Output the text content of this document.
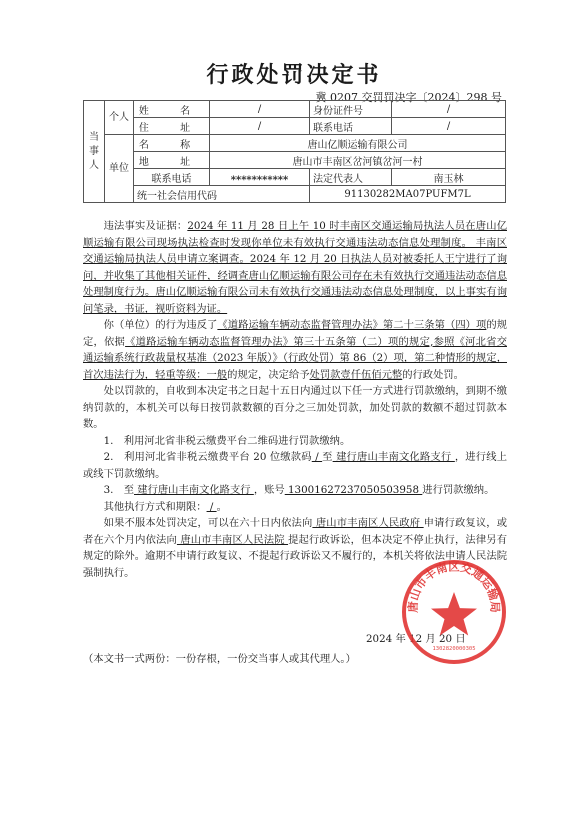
行政处罚决定书
冀 0207 交罚罚决字〔2024〕298 号
当事人	个人	姓 名	/	身份证件号	/
		住 址	/	联系电话	/
	单位	名 称	唐山亿顺运输有限公司		
		地 址	唐山市丰南区岔河镇岔河一村		
		联系电话	***********	法定代表人	南玉林
		统一社会信用代码		91130282MA07PUFM7L	

违法事实及证据：2024 年 11 月 28 日上午 10 时丰南区交通运输局执法人员在唐山亿顺运输有限公司现场执法检查时发现你单位未有效执行交通违法动态信息处理制度。 丰南区交通运输局执法人员申请立案调查。2024 年 12 月 20 日执法人员对被委托人王宁进行了询问，并收集了其他相关证件，经调查唐山亿顺运输有限公司存在未有效执行交通违法动态信息处理制度行为。唐山亿顺运输有限公司未有效执行交通违法动态信息处理制度，以上事实有询问笔录，书证，视听资料为证。

你（单位）的行为违反了《道路运输车辆动态监督管理办法》第二十三条第（四）项的规定，依据《道路运输车辆动态监督管理办法》第三十五条第（二）项的规定,参照《河北省交通运输系统行政裁量权基准（2023 年版）》（行政处罚）第 86（2）项，第二种情形的规定，首次违法行为，轻重等级：一般的规定，决定给予处罚款壹仟伍佰元整的行政处罚。

处以罚款的，自收到本决定书之日起十五日内通过以下任一方式进行罚款缴纳，到期不缴纳罚款的，本机关可以每日按罚款数额的百分之三加处罚款，加处罚款的数额不超过罚款本数。

1.　利用河北省非税云缴费平台二维码进行罚款缴纳。

2.　利用河北省非税云缴费平台 20 位缴款码 / 至 建行唐山丰南文化路支行 ，进行线上或线下罚款缴纳。

3.　至 建行唐山丰南文化路支行 ，账号 13001627237050503958 进行罚款缴纳。

其他执行方式和期限： / 。

如果不服本处罚决定，可以在六十日内依法向 唐山市丰南区人民政府 申请行政复议，或者在六个月内依法向 唐山市丰南区人民法院 提起行政诉讼，但本决定不停止执行，法律另有规定的除外。逾期不申请行政复议、不提起行政诉讼又不履行的，本机关将依法申请人民法院强制执行。

2024 年 12 月 20 日
（本文书一式两份：一份存根，一份交当事人或其代理人。）
唐山市丰南区交通运输局
1302820000305
